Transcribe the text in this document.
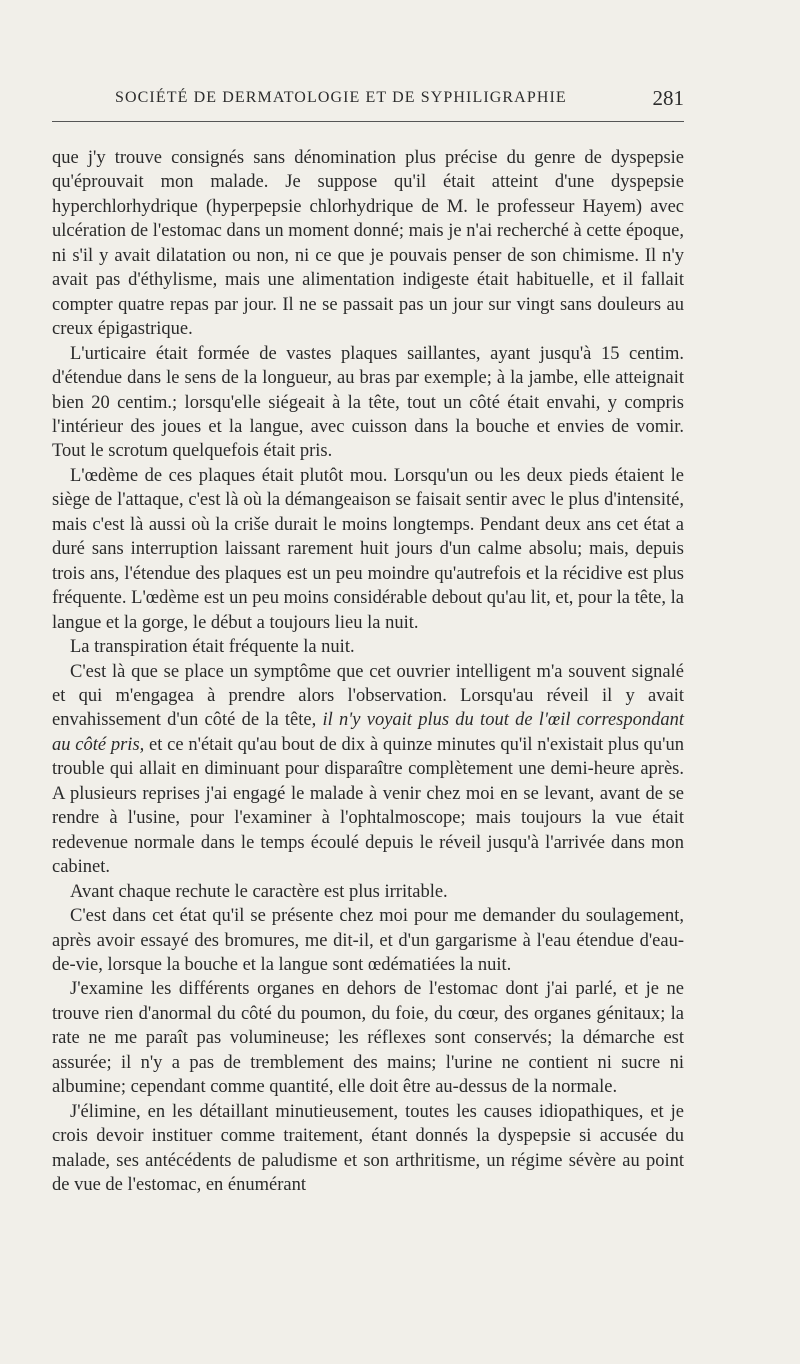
SOCIÉTÉ DE DERMATOLOGIE ET DE SYPHILIGRAPHIE	281

que j'y trouve consignés sans dénomination plus précise du genre de dyspepsie qu'éprouvait mon malade. Je suppose qu'il était atteint d'une dyspepsie hyperchlorhydrique (hyperpepsie chlorhydrique de M. le professeur Hayem) avec ulcération de l'estomac dans un moment donné; mais je n'ai recherché à cette époque, ni s'il y avait dilatation ou non, ni ce que je pouvais penser de son chimisme. Il n'y avait pas d'éthylisme, mais une alimentation indigeste était habituelle, et il fallait compter quatre repas par jour. Il ne se passait pas un jour sur vingt sans douleurs au creux épigastrique.

L'urticaire était formée de vastes plaques saillantes, ayant jusqu'à 15 centim. d'étendue dans le sens de la longueur, au bras par exemple; à la jambe, elle atteignait bien 20 centim.; lorsqu'elle siégeait à la tête, tout un côté était envahi, y compris l'intérieur des joues et la langue, avec cuisson dans la bouche et envies de vomir. Tout le scrotum quelquefois était pris.

L'œdème de ces plaques était plutôt mou. Lorsqu'un ou les deux pieds étaient le siège de l'attaque, c'est là où la démangeaison se faisait sentir avec le plus d'intensité, mais c'est là aussi où la criše durait le moins longtemps. Pendant deux ans cet état a duré sans interruption laissant rarement huit jours d'un calme absolu; mais, depuis trois ans, l'étendue des plaques est un peu moindre qu'autrefois et la récidive est plus fréquente. L'œdème est un peu moins considérable debout qu'au lit, et, pour la tête, la langue et la gorge, le début a toujours lieu la nuit.

La transpiration était fréquente la nuit.

C'est là que se place un symptôme que cet ouvrier intelligent m'a souvent signalé et qui m'engagea à prendre alors l'observation. Lorsqu'au réveil il y avait envahissement d'un côté de la tête, il n'y voyait plus du tout de l'œil correspondant au côté pris, et ce n'était qu'au bout de dix à quinze minutes qu'il n'existait plus qu'un trouble qui allait en diminuant pour disparaître complètement une demi-heure après. A plusieurs reprises j'ai engagé le malade à venir chez moi en se levant, avant de se rendre à l'usine, pour l'examiner à l'ophtalmoscope; mais toujours la vue était redevenue normale dans le temps écoulé depuis le réveil jusqu'à l'arrivée dans mon cabinet.

Avant chaque rechute le caractère est plus irritable.

C'est dans cet état qu'il se présente chez moi pour me demander du soulagement, après avoir essayé des bromures, me dit-il, et d'un gargarisme à l'eau étendue d'eau-de-vie, lorsque la bouche et la langue sont œdématiées la nuit.

J'examine les différents organes en dehors de l'estomac dont j'ai parlé, et je ne trouve rien d'anormal du côté du poumon, du foie, du cœur, des organes génitaux; la rate ne me paraît pas volumineuse; les réflexes sont conservés; la démarche est assurée; il n'y a pas de tremblement des mains; l'urine ne contient ni sucre ni albumine; cependant comme quantité, elle doit être au-dessus de la normale.

J'élimine, en les détaillant minutieusement, toutes les causes idiopathiques, et je crois devoir instituer comme traitement, étant donnés la dyspepsie si accusée du malade, ses antécédents de paludisme et son arthritisme, un régime sévère au point de vue de l'estomac, en énumérant
